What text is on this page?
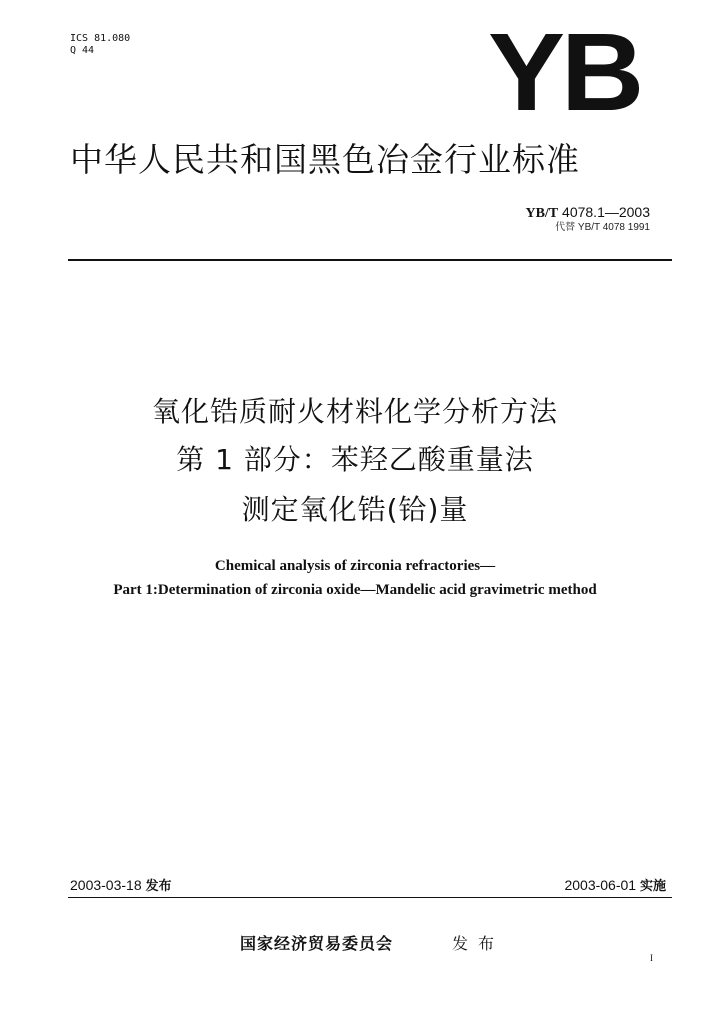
ICS 81.080
Q 44	YB
中华人民共和国黑色冶金行业标准
YB/T 4078.1—2003
代替 YB/T 4078 1991
氧化锆质耐火材料化学分析方法
第 1 部分：苯羟乙酸重量法
测定氧化锆(铪)量
Chemical analysis of zirconia refractories—
Part 1:Determination of zirconia oxide—Mandelic acid gravimetric method
2003-03-18 发布	2003-06-01 实施
国家经济贸易委员会	发布
I
